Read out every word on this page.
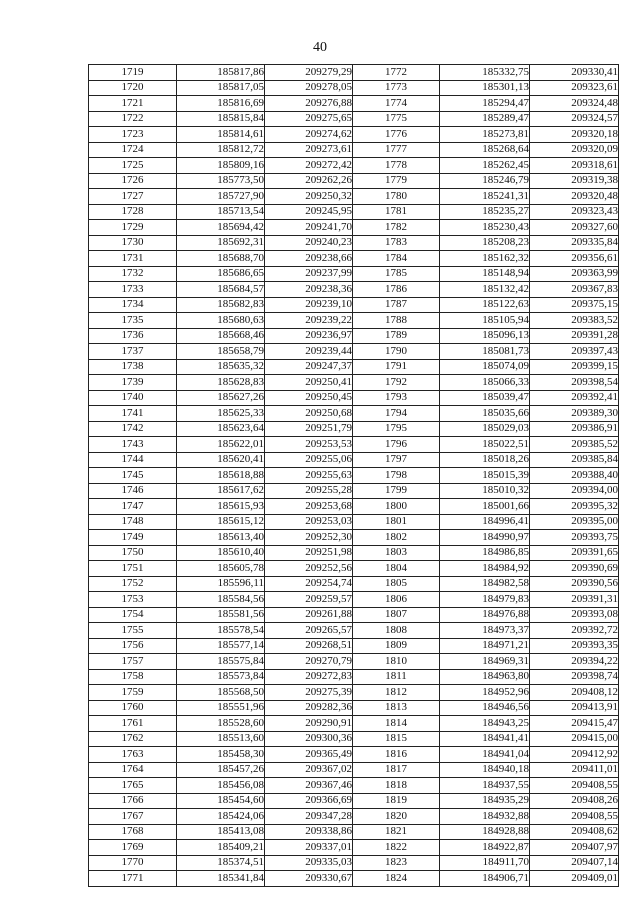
40
1719	185817,86	209279,29	1772	185332,75	209330,41
1720	185817,05	209278,05	1773	185301,13	209323,61
1721	185816,69	209276,88	1774	185294,47	209324,48
1722	185815,84	209275,65	1775	185289,47	209324,57
1723	185814,61	209274,62	1776	185273,81	209320,18
1724	185812,72	209273,61	1777	185268,64	209320,09
1725	185809,16	209272,42	1778	185262,45	209318,61
1726	185773,50	209262,26	1779	185246,79	209319,38
1727	185727,90	209250,32	1780	185241,31	209320,48
1728	185713,54	209245,95	1781	185235,27	209323,43
1729	185694,42	209241,70	1782	185230,43	209327,60
1730	185692,31	209240,23	1783	185208,23	209335,84
1731	185688,70	209238,66	1784	185162,32	209356,61
1732	185686,65	209237,99	1785	185148,94	209363,99
1733	185684,57	209238,36	1786	185132,42	209367,83
1734	185682,83	209239,10	1787	185122,63	209375,15
1735	185680,63	209239,22	1788	185105,94	209383,52
1736	185668,46	209236,97	1789	185096,13	209391,28
1737	185658,79	209239,44	1790	185081,73	209397,43
1738	185635,32	209247,37	1791	185074,09	209399,15
1739	185628,83	209250,41	1792	185066,33	209398,54
1740	185627,26	209250,45	1793	185039,47	209392,41
1741	185625,33	209250,68	1794	185035,66	209389,30
1742	185623,64	209251,79	1795	185029,03	209386,91
1743	185622,01	209253,53	1796	185022,51	209385,52
1744	185620,41	209255,06	1797	185018,26	209385,84
1745	185618,88	209255,63	1798	185015,39	209388,40
1746	185617,62	209255,28	1799	185010,32	209394,00
1747	185615,93	209253,68	1800	185001,66	209395,32
1748	185615,12	209253,03	1801	184996,41	209395,00
1749	185613,40	209252,30	1802	184990,97	209393,75
1750	185610,40	209251,98	1803	184986,85	209391,65
1751	185605,78	209252,56	1804	184984,92	209390,69
1752	185596,11	209254,74	1805	184982,58	209390,56
1753	185584,56	209259,57	1806	184979,83	209391,31
1754	185581,56	209261,88	1807	184976,88	209393,08
1755	185578,54	209265,57	1808	184973,37	209392,72
1756	185577,14	209268,51	1809	184971,21	209393,35
1757	185575,84	209270,79	1810	184969,31	209394,22
1758	185573,84	209272,83	1811	184963,80	209398,74
1759	185568,50	209275,39	1812	184952,96	209408,12
1760	185551,96	209282,36	1813	184946,56	209413,91
1761	185528,60	209290,91	1814	184943,25	209415,47
1762	185513,60	209300,36	1815	184941,41	209415,00
1763	185458,30	209365,49	1816	184941,04	209412,92
1764	185457,26	209367,02	1817	184940,18	209411,01
1765	185456,08	209367,46	1818	184937,55	209408,55
1766	185454,60	209366,69	1819	184935,29	209408,26
1767	185424,06	209347,28	1820	184932,88	209408,55
1768	185413,08	209338,86	1821	184928,88	209408,62
1769	185409,21	209337,01	1822	184922,87	209407,97
1770	185374,51	209335,03	1823	184911,70	209407,14
1771	185341,84	209330,67	1824	184906,71	209409,01
